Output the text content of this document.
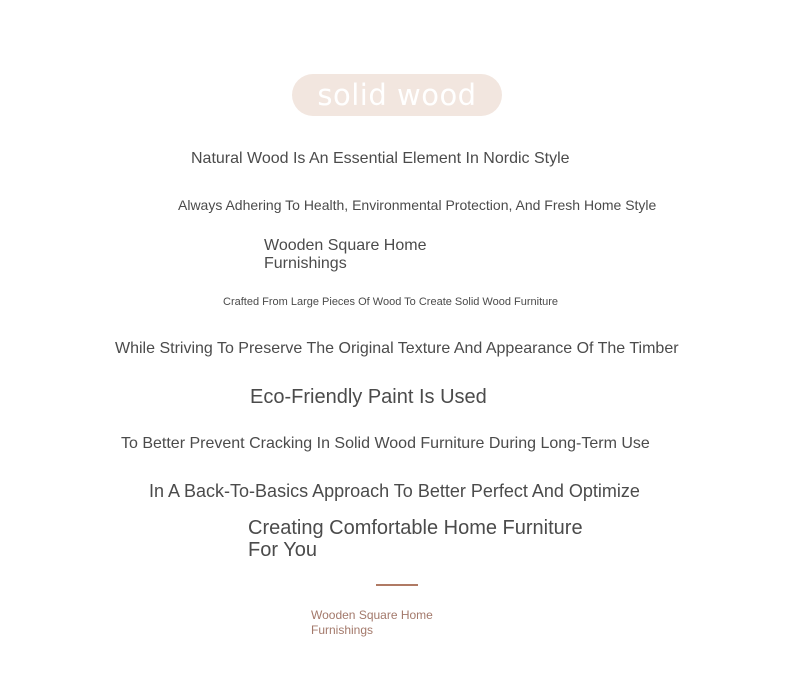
solid wood
Natural Wood Is An Essential Element In Nordic Style
Always Adhering To Health, Environmental Protection, And Fresh Home Style
Wooden Square Home Furnishings
Crafted From Large Pieces Of Wood To Create Solid Wood Furniture
While Striving To Preserve The Original Texture And Appearance Of The Timber
Eco-Friendly Paint Is Used
To Better Prevent Cracking In Solid Wood Furniture During Long-Term Use
In A Back-To-Basics Approach To Better Perfect And Optimize
Creating Comfortable Home Furniture For You
Wooden Square Home Furnishings
